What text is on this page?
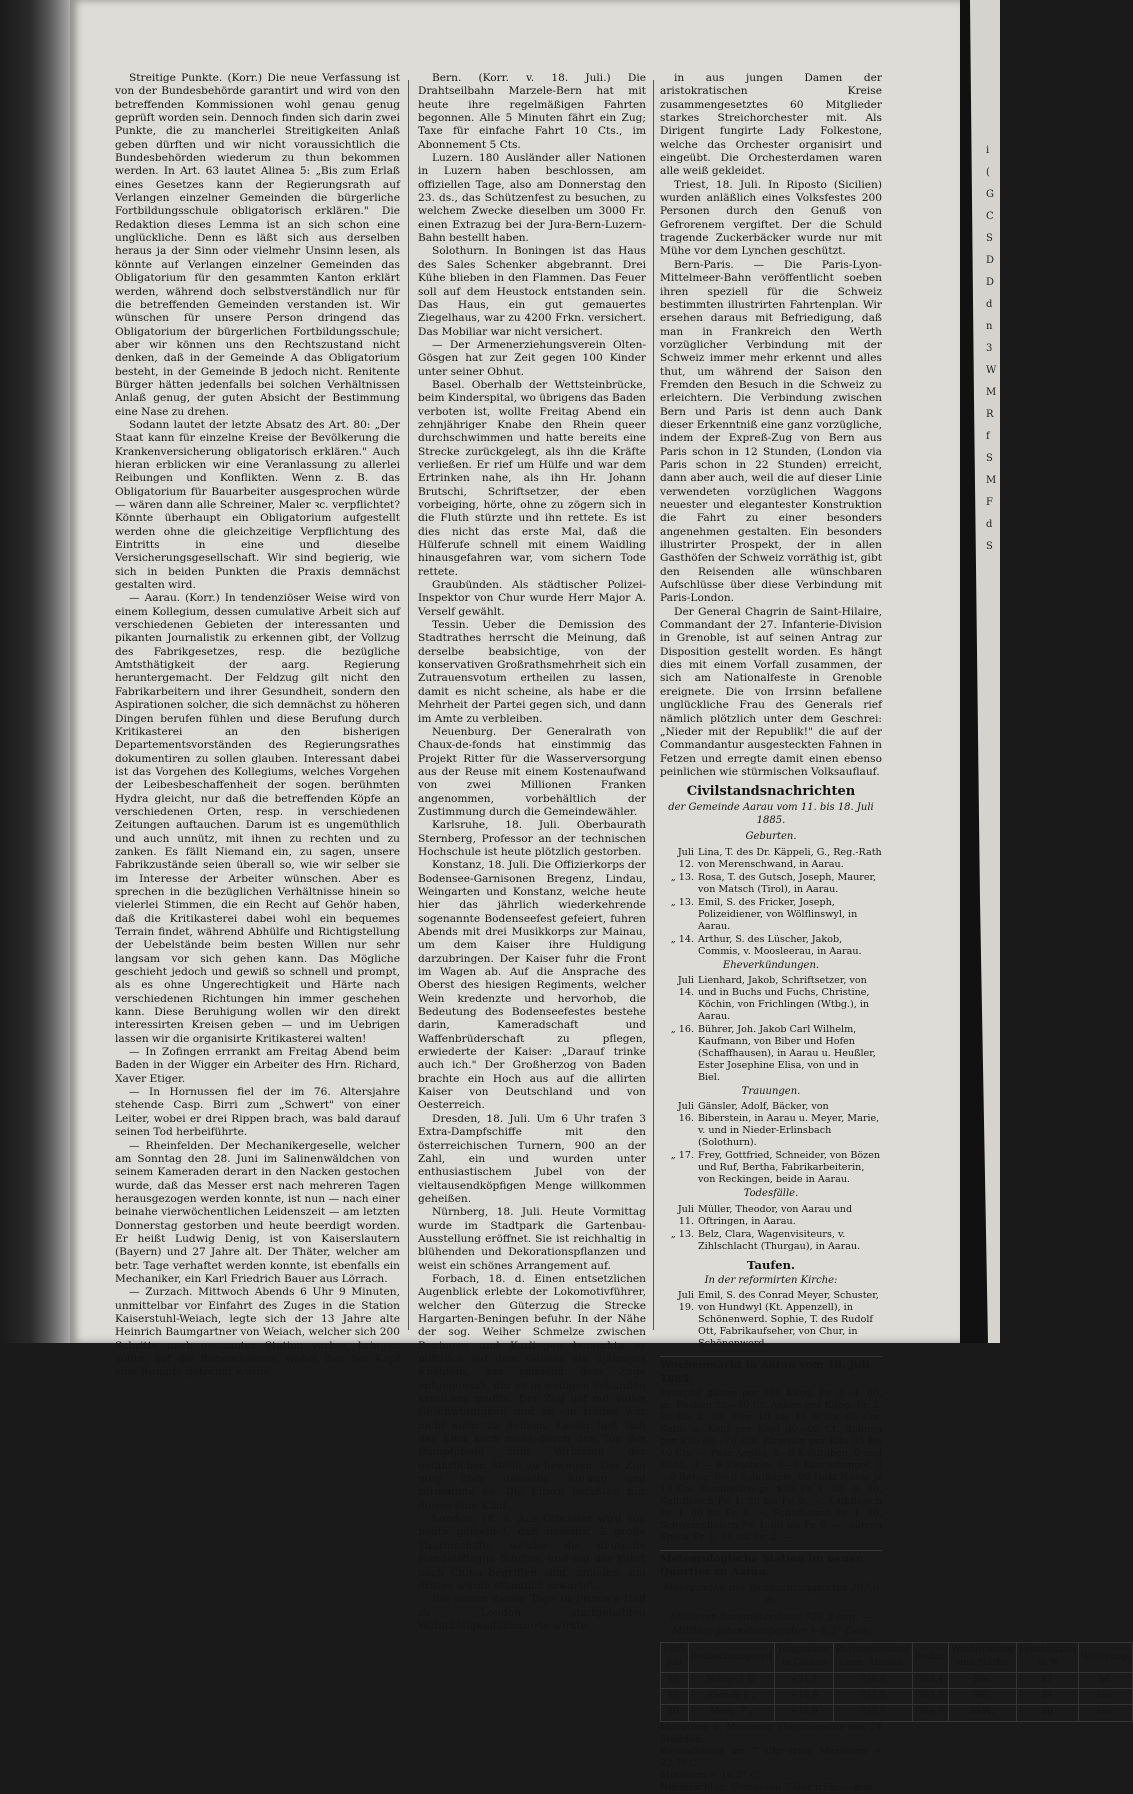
Streitige Punkte. (Korr.) Die neue Verfassung ist von der Bundesbehörde garantirt und wird von den betreffenden Kommissionen wohl genau genug geprüft worden sein. Dennoch finden sich darin zwei Punkte, die zu mancherlei Streitigkeiten Anlaß geben dürften und wir nicht voraussichtlich die Bundesbehörden wiederum zu thun bekommen werden. In Art. 63 lautet Alinea 5: „Bis zum Erlaß eines Gesetzes kann der Regierungsrath auf Verlangen einzelner Gemeinden die bürgerliche Fortbildungsschule obligatorisch erklären." Die Redaktion dieses Lemma ist an sich schon eine unglückliche. Denn es läßt sich aus derselben heraus ja der Sinn oder vielmehr Unsinn lesen, als könnte auf Verlangen einzelner Gemeinden das Obligatorium für den gesammten Kanton erklärt werden, während doch selbstverständlich nur für die betreffenden Gemeinden verstanden ist. Wir wünschen für unsere Person dringend das Obligatorium der bürgerlichen Fortbildungsschule; aber wir können uns den Rechtszustand nicht denken, daß in der Gemeinde A das Obligatorium besteht, in der Gemeinde B jedoch nicht. Renitente Bürger hätten jedenfalls bei solchen Verhältnissen Anlaß genug, der guten Absicht der Bestimmung eine Nase zu drehen.

Sodann lautet der letzte Absatz des Art. 80: „Der Staat kann für einzelne Kreise der Bevölkerung die Krankenversicherung obligatorisch erklären." Auch hieran erblicken wir eine Veranlassung zu allerlei Reibungen und Konflikten. Wenn z. B. das Obligatorium für Bauarbeiter ausgesprochen würde — wären dann alle Schreiner, Maler ꝛc. verpflichtet? Könnte überhaupt ein Obligatorium aufgestellt werden ohne die gleichzeitige Verpflichtung des Eintritts in eine und dieselbe Versicherungsgesellschaft. Wir sind begierig, wie sich in beiden Punkten die Praxis demnächst gestalten wird.

— Aarau. (Korr.) In tendenziöser Weise wird von einem Kollegium, dessen cumulative Arbeit sich auf verschiedenen Gebieten der interessanten und pikanten Journalistik zu erkennen gibt, der Vollzug des Fabrikgesetzes, resp. die bezügliche Amtsthätigkeit der aarg. Regierung heruntergemacht. Der Feldzug gilt nicht den Fabrikarbeitern und ihrer Gesundheit, sondern den Aspirationen solcher, die sich demnächst zu höheren Dingen berufen fühlen und diese Berufung durch Kritikasterei an den bisherigen Departementsvorständen des Regierungsrathes dokumentiren zu sollen glauben. Interessant dabei ist das Vorgehen des Kollegiums, welches Vorgehen der Leibesbeschaffenheit der sogen. berühmten Hydra gleicht, nur daß die betreffenden Köpfe an verschiedenen Orten, resp. in verschiedenen Zeitungen auftauchen. Darum ist es ungemüthlich und auch unnütz, mit ihnen zu rechten und zu zanken. Es fällt Niemand ein, zu sagen, unsere Fabrikzustände seien überall so, wie wir selber sie im Interesse der Arbeiter wünschen. Aber es sprechen in die bezüglichen Verhältnisse hinein so vielerlei Stimmen, die ein Recht auf Gehör haben, daß die Kritikasterei dabei wohl ein bequemes Terrain findet, während Abhülfe und Richtigstellung der Uebelstände beim besten Willen nur sehr langsam vor sich gehen kann. Das Mögliche geschieht jedoch und gewiß so schnell und prompt, als es ohne Ungerechtigkeit und Härte nach verschiedenen Richtungen hin immer geschehen kann. Diese Beruhigung wollen wir den direkt interessirten Kreisen geben — und im Uebrigen lassen wir die organisirte Kritikasterei walten!

— In Zofingen errrankt am Freitag Abend beim Baden in der Wigger ein Arbeiter des Hrn. Richard, Xaver Etiger.

— In Hornussen fiel der im 76. Altersjahre stehende Casp. Birri zum „Schwert" von einer Leiter, wobei er drei Rippen brach, was bald darauf seinen Tod herbeiführte.

— Rheinfelden. Der Mechanikergeselle, welcher am Sonntag den 28. Juni im Salinenwäldchen von seinem Kameraden derart in den Nacken gestochen wurde, daß das Messer erst nach mehreren Tagen herausgezogen werden konnte, ist nun — nach einer beinahe vierwöchentlichen Leidenszeit — am letzten Donnerstag gestorben und heute beerdigt worden. Er heißt Ludwig Denig, ist von Kaiserslautern (Bayern) und 27 Jahre alt. Der Thäter, welcher am betr. Tage verhaftet werden konnte, ist ebenfalls ein Mechaniker, ein Karl Friedrich Bauer aus Lörrach.

— Zurzach. Mittwoch Abends 6 Uhr 9 Minuten, unmittelbar vor Einfahrt des Zuges in die Station Kaiserstuhl-Weiach, legte sich der 13 Jahre alte Heinrich Baumgartner von Weiach, welcher sich 200 Schritte nach genannter Station vorher, bringen sollte, auf die Bahnschienen, wobei ihm der Kopf vom Rumpfe getrennt wurde.

Bern. (Korr. v. 18. Juli.) Die Drahtseilbahn Marzele-Bern hat mit heute ihre regelmäßigen Fahrten begonnen. Alle 5 Minuten fährt ein Zug; Taxe für einfache Fahrt 10 Cts., im Abonnement 5 Cts.

Luzern. 180 Ausländer aller Nationen in Luzern haben beschlossen, am offiziellen Tage, also am Donnerstag den 23. ds., das Schützenfest zu besuchen, zu welchem Zwecke dieselben um 3000 Fr. einen Extrazug bei der Jura-Bern-Luzern-Bahn bestellt haben.

Solothurn. In Boningen ist das Haus des Sales Schenker abgebrannt. Drei Kühe blieben in den Flammen. Das Feuer soll auf dem Heustock entstanden sein. Das Haus, ein gut gemauertes Ziegelhaus, war zu 4200 Frkn. versichert. Das Mobiliar war nicht versichert.

— Der Armenerziehungsverein Olten-Gösgen hat zur Zeit gegen 100 Kinder unter seiner Obhut.

Basel. Oberhalb der Wettsteinbrücke, beim Kinderspital, wo übrigens das Baden verboten ist, wollte Freitag Abend ein zehnjähriger Knabe den Rhein queer durchschwimmen und hatte bereits eine Strecke zurückgelegt, als ihn die Kräfte verließen. Er rief um Hülfe und war dem Ertrinken nahe, als ihn Hr. Johann Brutschi, Schriftsetzer, der eben vorbeiging, hörte, ohne zu zögern sich in die Fluth stürzte und ihn rettete. Es ist dies nicht das erste Mal, daß die Hülferufe schnell mit einem Waidling hinausgefahren war, vom sichern Tode rettete.

Graubünden. Als städtischer Polizei-Inspektor von Chur wurde Herr Major A. Verself gewählt.

Tessin. Ueber die Demission des Stadtrathes herrscht die Meinung, daß derselbe beabsichtige, von der konservativen Großrathsmehrheit sich ein Zutrauensvotum ertheilen zu lassen, damit es nicht scheine, als habe er die Mehrheit der Partei gegen sich, und dann im Amte zu verbleiben.

Neuenburg. Der Generalrath von Chaux-de-fonds hat einstimmig das Projekt Ritter für die Wasserversorgung aus der Reuse mit einem Kostenaufwand von zwei Millionen Franken angenommen, vorbehältlich der Zustimmung durch die Gemeindewähler.

Karlsruhe, 18. Juli. Oberbaurath Sternberg, Professor an der technischen Hochschule ist heute plötzlich gestorben.

Konstanz, 18. Juli. Die Offizierkorps der Bodensee-Garnisonen Bregenz, Lindau, Weingarten und Konstanz, welche heute hier das jährlich wiederkehrende sogenannte Bodenseefest gefeiert, fuhren Abends mit drei Musikkorps zur Mainau, um dem Kaiser ihre Huldigung darzubringen. Der Kaiser fuhr die Front im Wagen ab. Auf die Ansprache des Oberst des hiesigen Regiments, welcher Wein kredenzte und hervorhob, die Bedeutung des Bodenseefestes bestehe darin, Kameradschaft und Waffenbrüderschaft zu pflegen, erwiederte der Kaiser: „Darauf trinke auch ich." Der Großherzog von Baden brachte ein Hoch aus auf die allirten Kaiser von Deutschland und von Oesterreich.

Dresden, 18. Juli. Um 6 Uhr trafen 3 Extra-Dampfschiffe mit den österreichischen Turnern, 900 an der Zahl, ein und wurden unter enthusiastischem Jubel von der vieltausendköpfigen Menge willkommen geheißen.

Nürnberg, 18. Juli. Heute Vormittag wurde im Stadtpark die Gartenbau-Ausstellung eröffnet. Sie ist reichhaltig in blühenden und Dekorationspflanzen und weist ein schönes Arrangement auf.

Forbach, 18. d. Einen entsetzlichen Augenblick erlebte der Lokomotivführer, welcher den Güterzug die Strecke Hargarten-Beningen befuhr. In der Nähe der sog. Weiher Schmelze zwischen Beningen und Karlingen bemerkte er plötzlich auf dem Geleise ein 3jähriges Knäblein, das spielend dem Zuge entgegensah, der es in wenigen Sekunden erreichen mußte. Der Zug lief mit voller Geschwindigkeit und an ein Halten war nicht mehr zu denken. Leider ließ sich das Kind auch nicht durch den Ton der Dampfpfeife zum Verlassen der gefährlichen Stelle zu bewegen. Der Zug ging über dasselbe hinweg und zermalmte es. Die Eltern befaßten nur dieses eine Kind.

London, 18. d. Aus Gibraltar wird von heute gemeldet, daß daselbst 2 große Thurmschiffe, welche die deutsche Handelsflagge führten, und auf der Fahrt nach China begriffen sind, anliefen; ein drittes wurde stündlich erwartet.

Bei einem dieser Tage in Prince's Hall zu London stattgehabten Wohlthätigkeitskonzerte wirkte

in aus jungen Damen der aristokratischen Kreise zusammengesetztes 60 Mitglieder starkes Streichorchester mit. Als Dirigent fungirte Lady Folkestone, welche das Orchester organisirt und eingeübt. Die Orchesterdamen waren alle weiß gekleidet.

Triest, 18. Juli. In Riposto (Sicilien) wurden anläßlich eines Volksfestes 200 Personen durch den Genuß von Gefrorenem vergiftet. Der die Schuld tragende Zuckerbäcker wurde nur mit Mühe vor dem Lynchen geschützt.

Bern-Paris. — Die Paris-Lyon-Mittelmeer-Bahn veröffentlicht soeben ihren speziell für die Schweiz bestimmten illustrirten Fahrtenplan. Wir ersehen daraus mit Befriedigung, daß man in Frankreich den Werth vorzüglicher Verbindung mit der Schweiz immer mehr erkennt und alles thut, um während der Saison den Fremden den Besuch in die Schweiz zu erleichtern. Die Verbindung zwischen Bern und Paris ist denn auch Dank dieser Erkenntniß eine ganz vorzügliche, indem der Expreß-Zug von Bern aus Paris schon in 12 Stunden, (London via Paris schon in 22 Stunden) erreicht, dann aber auch, weil die auf dieser Linie verwendeten vorzüglichen Waggons neuester und elegantester Konstruktion die Fahrt zu einer besonders angenehmen gestalten. Ein besonders illustrirter Prospekt, der in allen Gasthöfen der Schweiz vorräthig ist, gibt den Reisenden alle wünschbaren Aufschlüsse über diese Verbindung mit Paris-London.

Der General Chagrin de Saint-Hilaire, Commandant der 27. Infanterie-Division in Grenoble, ist auf seinen Antrag zur Disposition gestellt worden. Es hängt dies mit einem Vorfall zusammen, der sich am Nationalfeste in Grenoble ereignete. Die von Irrsinn befallene unglückliche Frau des Generals rief nämlich plötzlich unter dem Geschrei: „Nieder mit der Republik!" die auf der Commandantur ausgesteckten Fahnen in Fetzen und erregte damit einen ebenso peinlichen wie stürmischen Volksauflauf.

Civilstandsnachrichten
der Gemeinde Aarau vom 11. bis 18. Juli 1885.
Geburten.
Juli 12.
Lina, T. des Dr. Käppeli, G., Reg.-Rath von Merenschwand, in Aarau.
„ 13. Rosa, T. des Gutsch, Joseph, Maurer, von Matsch (Tirol), in Aarau.
„ 13. Emil, S. des Fricker, Joseph, Polizeidiener, von Wölflinswyl, in Aarau.
„ 14. Arthur, S. des Lüscher, Jakob, Commis, v. Moosleerau, in Aarau.
Eheverkündungen.
Juli 14.
Lienhard, Jakob, Schriftsetzer, von und in Buchs und Fuchs, Christine, Köchin, von Frichlingen (Wtbg.), in Aarau.
„ 16. Bührer, Joh. Jakob Carl Wilhelm, Kaufmann, von Biber und Hofen (Schaffhausen), in Aarau u. Heußler, Ester Josephine Elisa, von und in Biel.
Trauungen.
Juli 16.
Gänsler, Adolf, Bäcker, von Biberstein, in Aarau u. Meyer, Marie, v. und in Nieder-Erlinsbach (Solothurn).
„ 17. Frey, Gottfried, Schneider, von Bözen und Ruf, Bertha, Fabrikarbeiterin, von Reckingen, beide in Aarau.
Todesfälle.
Juli 11.
Müller, Theodor, von Aarau und Oftringen, in Aarau.
„ 13. Belz, Clara, Wagenvisiteurs, v. Zihlschlacht (Thurgau), in Aarau.
Taufen.
In der reformirten Kirche:
Juli 19.
Emil, S. des Conrad Meyer, Schuster, von Hundwyl (Kt. Appenzell), in Schönenwerd. Sophie, T. des Rudolf Ott, Fabrikaufseher, von Chur, in Schönenwerd.
Wochenmarkt in Aarau vom 18. Juli 1885.
Erdäpfel galten per 100 Kilog. Fr. 3—4. 00, pr. Becken 20—30 Ct. Anken per Kilog. Fr. 2. 20 bis 2. 30. Eier 10 bis 11 Stück 60 Cts. Kabis u. Kohl per Kopf 00—00 Ct. Bohnen per Kilo 60—70 Cts. Kirschen per Kilo 35 bis 40 Cts. — Paar Aepfel, 3—0 Kohlraben, 0 und Rübli, 3 — 0 Zwiebeln, 0—0 Lauchstengel, 3—0 Rettig, 0—0 Salatköpfe, 00 Hakl Nüsse je 10 Cts. Rindfleisch pr. Kilo Fr. 1. 30—0. 40, Kalbfleisch Fr. 1. 20 bis Fr. 0. —, Kalbfleisch Fr. 1. 60 bis Fr. 0. —, Schaffleisch Fr. 1. 50, Schweinefleisch Fr. 1. 60 bis Fr. 0. —, dürren Speck Fr. 1. 80 bis Fr. 2. —.
Meteorologische Station im neuen Quartier zu Aarau.
Meereshöhe des Beobachtungsortes 397,6 m.
Mittlerer Barometerstand 727,8 mm. —Mittlere Jahrestemperatur + 8,2° Cels.
1885 Juli	Beobachtungszeit	Temperatur in Celsius	Barometerstand i.mm. Absolut.	Reduz.	Windrichtung und Stärke	Feuchtigkeit in %	Witterung.
19.	Mittgs.1 U.	+21,1	730,6	762,4	SW₂	61	bd.
19.	Abends 9 „	+19,6	731,5	763,5	SE₁	84	bto.
20.	Morg. 7 „	+18,9	732,7	764,7	SSW₂	80	bto.
Maximum u. Minimum Thermometer seit 24 Stunden.
Beobachtung um 7 Uhr früh: Maximum + 23,7° C.
Minimum + 16,8° C.
Niederschlag. Gemessen 7 Uhr früh: — mm.
i
(
G
C
S
D
D
d
n
3
W
M
R
f
S
M
F
d
S
